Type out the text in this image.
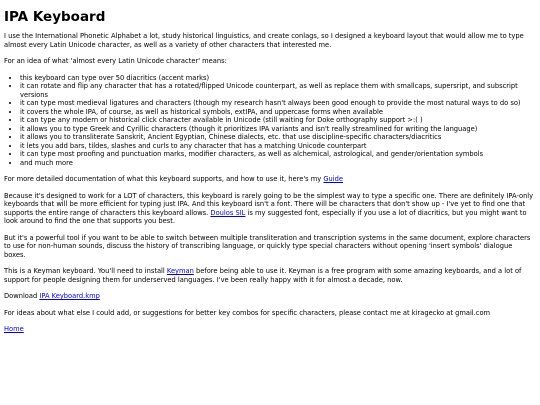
IPA Keyboard

I use the International Phonetic Alphabet a lot, study historical linguistics, and create conlags, so I designed a keyboard layout that would allow me to type almost every Latin Unicode character, as well as a variety of other characters that interested me.

For an idea of what 'almost every Latin Unicode character' means:

• this keyboard can type over 50 diacritics (accent marks)
• it can rotate and flip any character that has a rotated/flipped Unicode counterpart, as well as replace them with smallcaps, supersript, and subscript versions
• it can type most medieval ligatures and characters (though my research hasn't always been good enough to provide the most natural ways to do so)
• it covers the whole IPA, of course, as well as historical symbols, extIPA, and uppercase forms when available
• it can type any modern or historical click character available in Unicode (still waiting for Doke orthography support >:( )
• it allows you to type Greek and Cyrillic characters (though it prioritizes IPA variants and isn't really streamlined for writing the language)
• it allows you to transliterate Sanskrit, Ancient Egyptian, Chinese dialects, etc. that use discipline-specific characters/diacritics
• it lets you add bars, tildes, slashes and curls to any character that has a matching Unicode counterpart
• it can type most proofing and punctuation marks, modifier characters, as well as alchemical, astrological, and gender/orientation symbols
• and much more

For more detailed documentation of what this keyboard supports, and how to use it, here's my Guide

Because it's designed to work for a LOT of characters, this keyboard is rarely going to be the simplest way to type a specific one. There are definitely IPA-only keyboards that will be more efficient for typing just IPA. And this keyboard isn't a font. There will be characters that don't show up - I've yet to find one that supports the entire range of characters this keyboard allows. Doulos SIL is my suggested font, especially if you use a lot of diacritics, but you might want to look around to find the one that supports you best.

But it's a powerful tool if you want to be able to switch between multiple transliteration and transcription systems in the same document, explore characters to use for non-human sounds, discuss the history of transcribing language, or quickly type special characters without opening 'insert symbols' dialogue boxes.

This is a Keyman keyboard. You'll need to install Keyman before being able to use it. Keyman is a free program with some amazing keyboards, and a lot of support for people designing them for underserved languages. I've been really happy with it for almost a decade, now.

Download IPA Keyboard.kmp

For ideas about what else I could add, or suggestions for better key combos for specific characters, please contact me at kiragecko at gmail.com

Home
